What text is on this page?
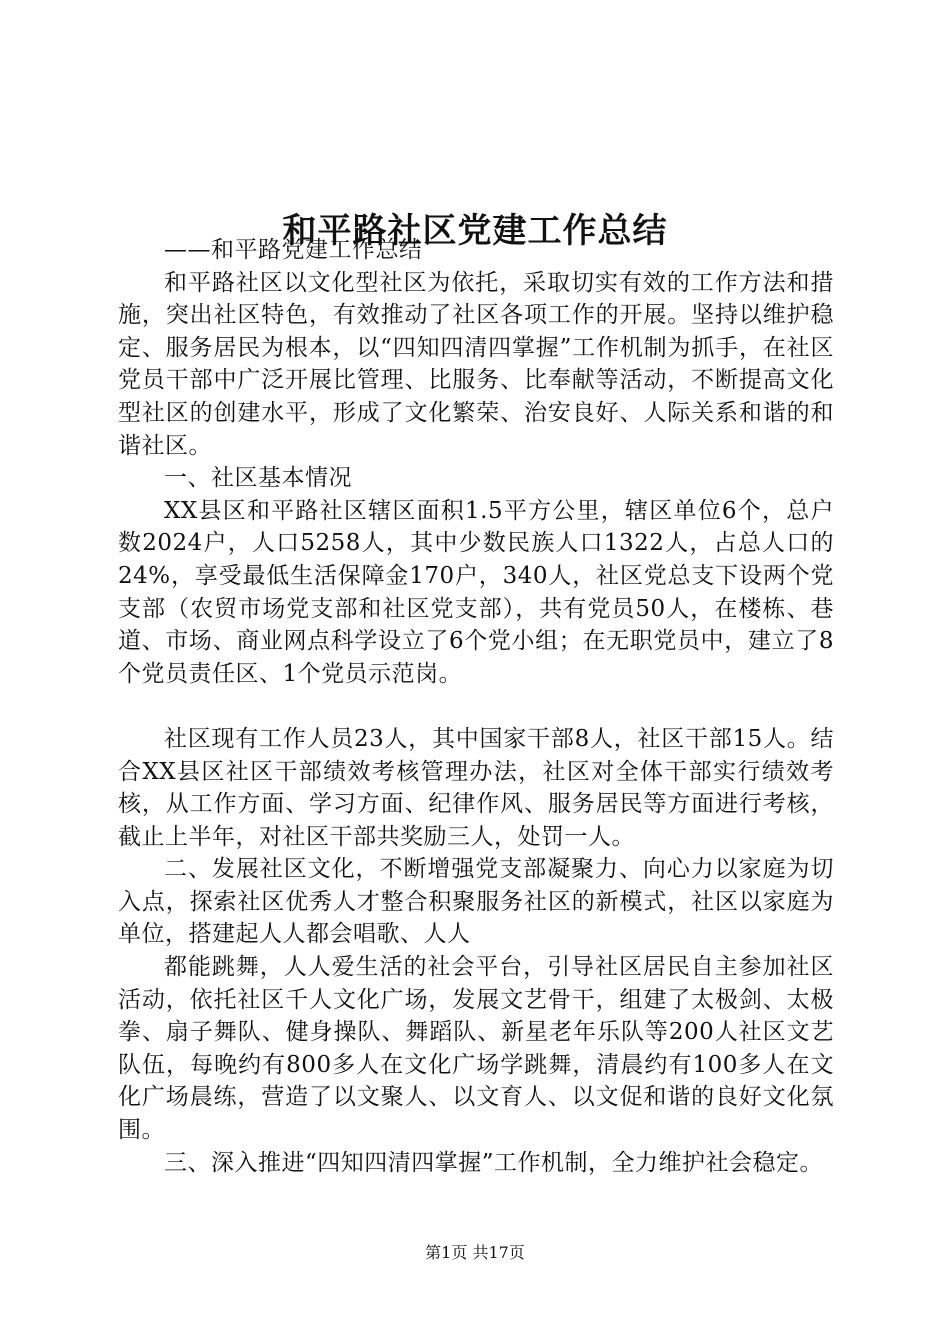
和平路社区党建工作总结

——和平路党建工作总结

和平路社区以文化型社区为依托，采取切实有效的工作方法和措施，突出社区特色，有效推动了社区各项工作的开展。坚持以维护稳定、服务居民为根本，以“四知四清四掌握”工作机制为抓手，在社区党员干部中广泛开展比管理、比服务、比奉献等活动，不断提高文化型社区的创建水平，形成了文化繁荣、治安良好、人际关系和谐的和谐社区。

一、社区基本情况

XX县区和平路社区辖区面积1.5平方公里，辖区单位6个，总户数2024户，人口5258人，其中少数民族人口1322人，占总人口的24%，享受最低生活保障金170户，340人，社区党总支下设两个党支部（农贸市场党支部和社区党支部），共有党员50人，在楼栋、巷道、市场、商业网点科学设立了6个党小组；在无职党员中，建立了8个党员责任区、1个党员示范岗。

社区现有工作人员23人，其中国家干部8人，社区干部15人。结合XX县区社区干部绩效考核管理办法，社区对全体干部实行绩效考核，从工作方面、学习方面、纪律作风、服务居民等方面进行考核，截止上半年，对社区干部共奖励三人，处罚一人。

二、发展社区文化，不断增强党支部凝聚力、向心力以家庭为切入点，探索社区优秀人才整合积聚服务社区的新模式，社区以家庭为单位，搭建起人人都会唱歌、人人

都能跳舞，人人爱生活的社会平台，引导社区居民自主参加社区活动，依托社区千人文化广场，发展文艺骨干，组建了太极剑、太极拳、扇子舞队、健身操队、舞蹈队、新星老年乐队等200人社区文艺队伍，每晚约有800多人在文化广场学跳舞，清晨约有100多人在文化广场晨练，营造了以文聚人、以文育人、以文促和谐的良好文化氛围。

三、深入推进“四知四清四掌握”工作机制，全力维护社会稳定。

第1页 共17页
